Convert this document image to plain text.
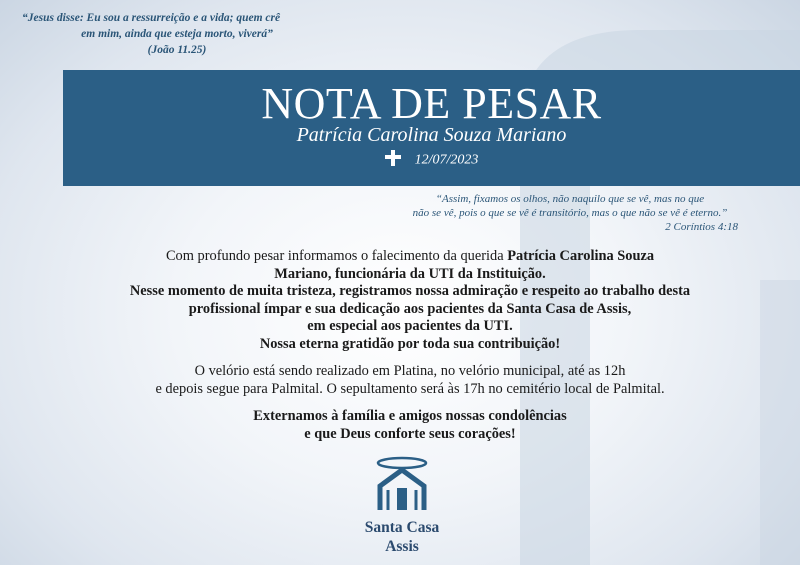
“Jesus disse: Eu sou a ressurreição e a vida; quem crê
em mim, ainda que esteja morto, viverá”
(João 11.25)
NOTA DE PESAR
Patrícia Carolina Souza Mariano
12/07/2023
“Assim, fixamos os olhos, não naquilo que se vê, mas no que
não se vê, pois o que se vê é transitório, mas o que não se vê é eterno.”
2 Coríntios 4:18

Com profundo pesar informamos o falecimento da querida Patrícia Carolina Souza

Mariano, funcionária da UTI da Instituição.

Nesse momento de muita tristeza, registramos nossa admiração e respeito ao trabalho desta

profissional ímpar e sua dedicação aos pacientes da Santa Casa de Assis,

em especial aos pacientes da UTI.

Nossa eterna gratidão por toda sua contribuição!

O velório está sendo realizado em Platina, no velório municipal, até as 12h

e depois segue para Palmital. O sepultamento será às 17h no cemitério local de Palmital.

Externamos à família e amigos nossas condolências

e que Deus conforte seus corações!

Santa Casa
Assis
